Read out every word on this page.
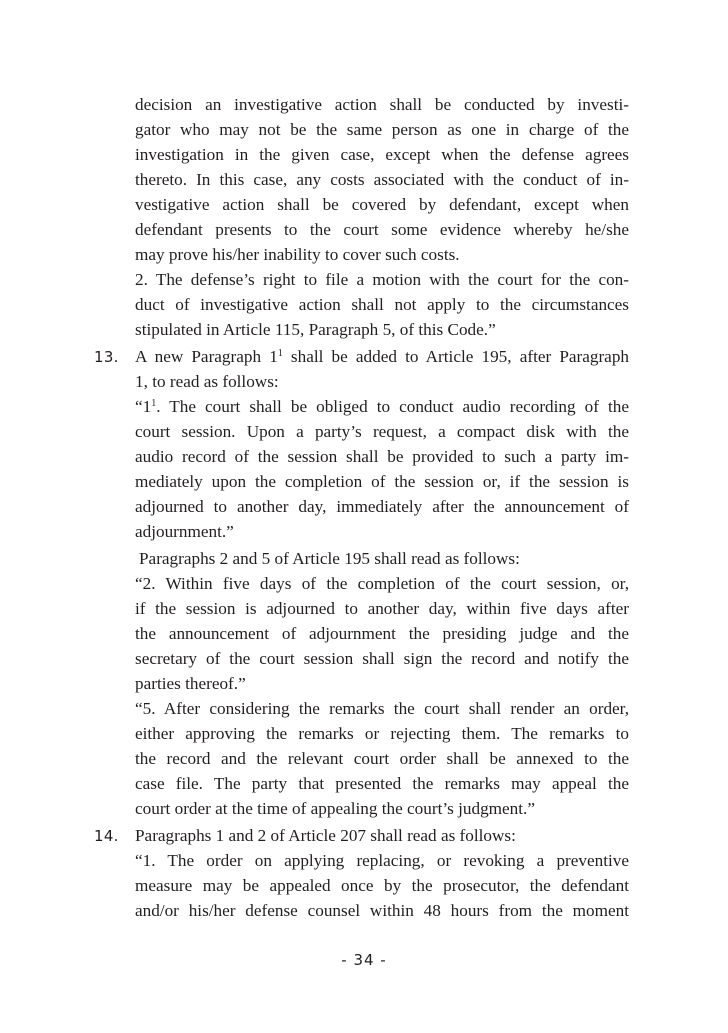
decision an investigative action shall be conducted by investi-
gator who may not be the same person as one in charge of the
investigation in the given case, except when the defense agrees
thereto. In this case, any costs associated with the conduct of in-
vestigative action shall be covered by defendant, except when
defendant presents to the court some evidence whereby he/she
may prove his/her inability to cover such costs.
2. The defense’s right to file a motion with the court for the con-
duct of investigative action shall not apply to the circumstances
stipulated in Article 115, Paragraph 5, of this Code.”
13. A new Paragraph $1^1$ shall be added to Article 195, after Paragraph
1, to read as follows:
“$1^1$. The court shall be obliged to conduct audio recording of the
court session. Upon a party’s request, a compact disk with the
audio record of the session shall be provided to such a party im-
mediately upon the completion of the session or, if the session is
adjourned to another day, immediately after the announcement of
adjournment.”
Paragraphs 2 and 5 of Article 195 shall read as follows:
“2. Within five days of the completion of the court session, or,
if the session is adjourned to another day, within five days after
the announcement of adjournment the presiding judge and the
secretary of the court session shall sign the record and notify the
parties thereof.”
“5. After considering the remarks the court shall render an order,
either approving the remarks or rejecting them. The remarks to
the record and the relevant court order shall be annexed to the
case file. The party that presented the remarks may appeal the
court order at the time of appealing the court’s judgment.”
14. Paragraphs 1 and 2 of Article 207 shall read as follows:
“1. The order on applying replacing, or revoking a preventive
measure may be appealed once by the prosecutor, the defendant
and/or his/her defense counsel within 48 hours from the moment
- 34 -
